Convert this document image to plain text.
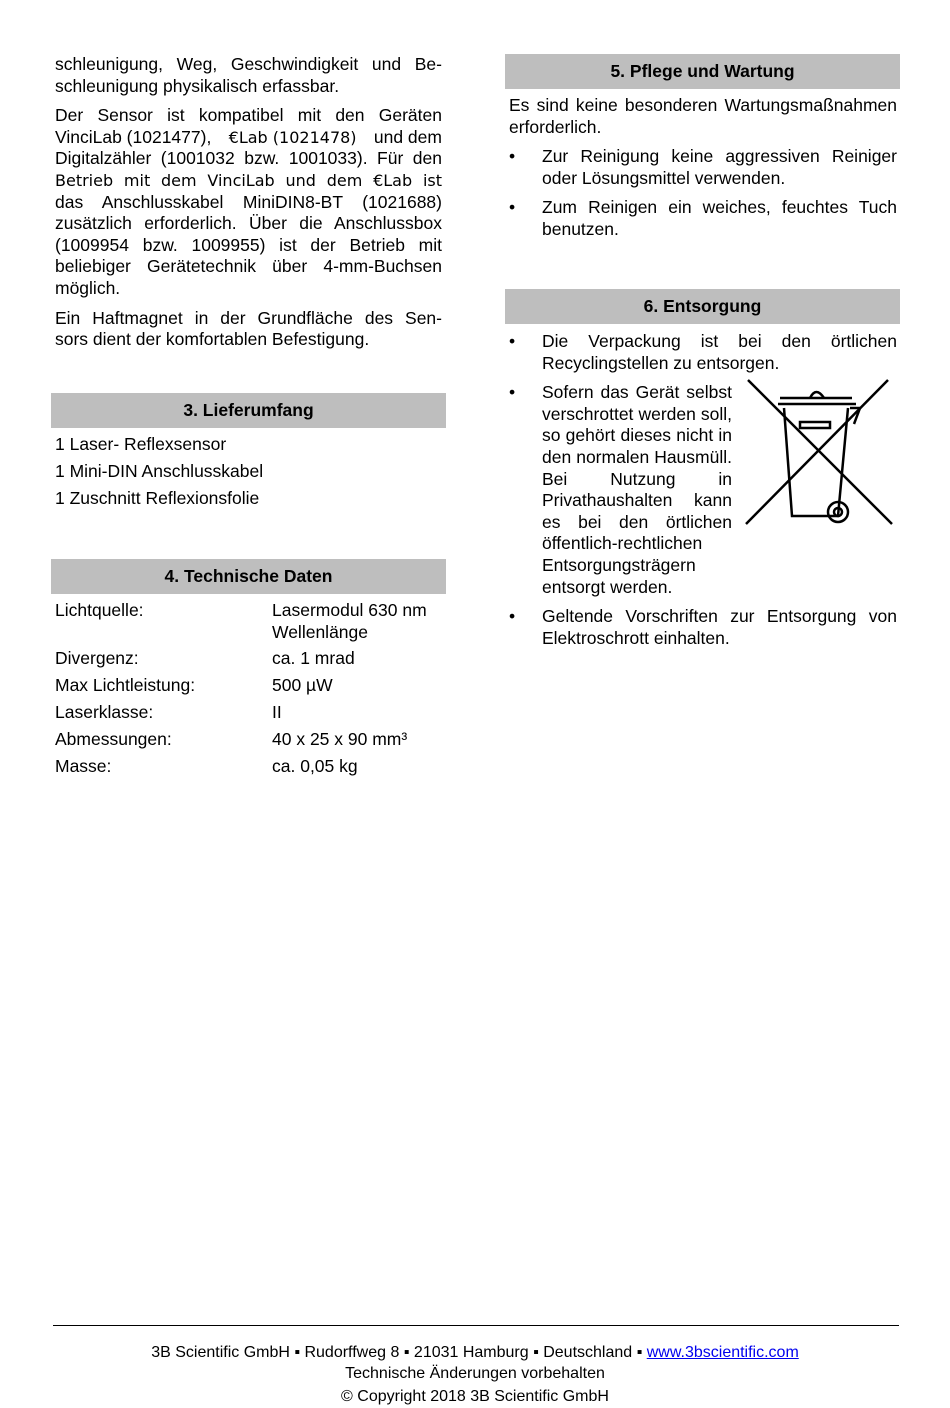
schleunigung, Weg, Geschwindigkeit und Be-
schleunigung physikalisch erfassbar.

Der Sensor ist kompatibel mit den Geräten
VinciLab (1021477), €Lab (1021478) und dem
Digitalzähler (1001032 bzw. 1001033). Für den
Betrieb mit dem VinciLab und dem €Lab ist
das Anschlusskabel MiniDIN8-BT (1021688)
zusätzlich erforderlich. Über die Anschlussbox
(1009954 bzw. 1009955) ist der Betrieb mit
beliebiger Gerätetechnik über 4-mm-Buchsen
möglich.

Ein Haftmagnet in der Grundfläche des Sen-
sors dient der komfortablen Befestigung.

3. Lieferumfang
1 Laser- Reflexsensor
1 Mini-DIN Anschlusskabel
1 Zuschnitt Reflexionsfolie
4. Technische Daten
Lichtquelle:	Lasermodul 630 nm Wellenlänge
Divergenz:	ca. 1 mrad
Max Lichtleistung:	500 µW
Laserklasse:	II
Abmessungen:	40 x 25 x 90 mm³
Masse:	ca. 0,05 kg
5. Pflege und Wartung

Es sind keine besonderen Wartungsmaßnahmen erforderlich.

• Zur Reinigung keine aggressiven Reiniger oder Lösungsmittel verwenden.
• Zum Reinigen ein weiches, feuchtes Tuch benutzen.
6. Entsorgung
• Die Verpackung ist bei den örtlichen Recyclingstellen zu entsorgen.
• Sofern das Gerät selbst verschrottet werden soll, so gehört dieses nicht in den normalen Hausmüll. Bei Nutzung in Privathaushalten kann es bei den örtlichen öffentlich-rechtlichen Entsorgungsträgern entsorgt werden.
• Geltende Vorschriften zur Entsorgung von Elektroschrott einhalten.
3B Scientific GmbH ▪ Rudorffweg 8 ▪ 21031 Hamburg ▪ Deutschland ▪ www.3bscientific.com
Technische Änderungen vorbehalten
© Copyright 2018 3B Scientific GmbH
